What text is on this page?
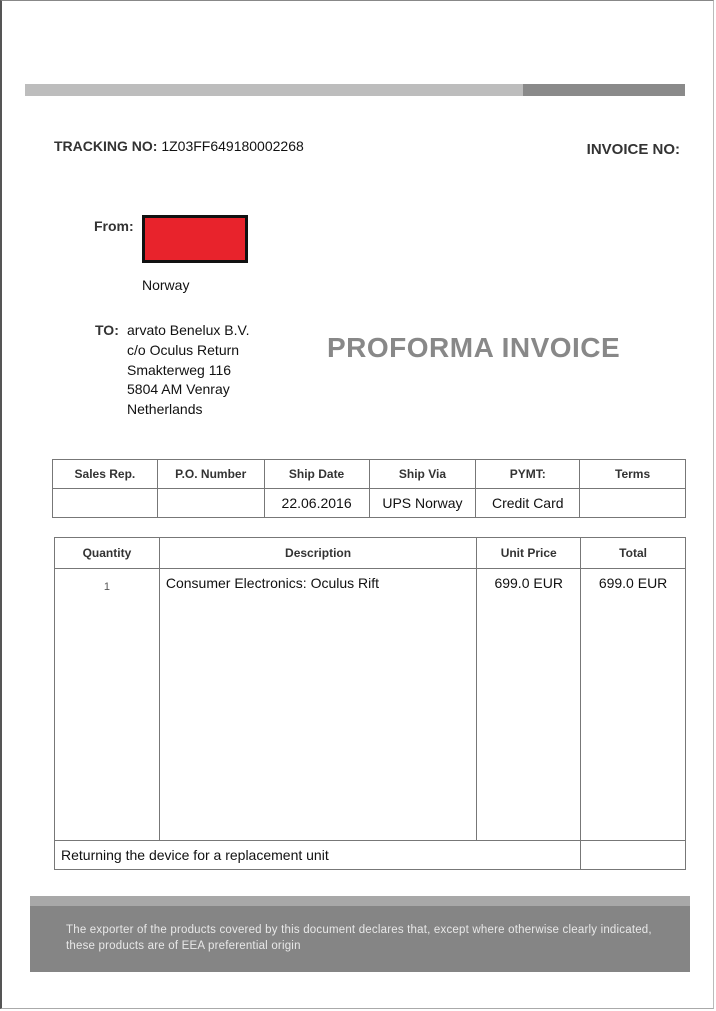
TRACKING NO: 1Z03FF649180002268	INVOICE NO:
From:
Norway
TO: arvato Benelux B.V.
c/o Oculus Return
Smakterweg 116
5804 AM Venray
Netherlands
PROFORMA INVOICE
Sales Rep.	P.O. Number	Ship Date	Ship Via	PYMT:	Terms
		22.06.2016	UPS Norway	Credit Card	
Quantity	Description	Unit Price	Total
1	Consumer Electronics: Oculus Rift	699.0 EUR	699.0 EUR
Returning the device for a replacement unit			
The exporter of the products covered by this document declares that, except where otherwise clearly indicated, these products are of EEA preferential origin
